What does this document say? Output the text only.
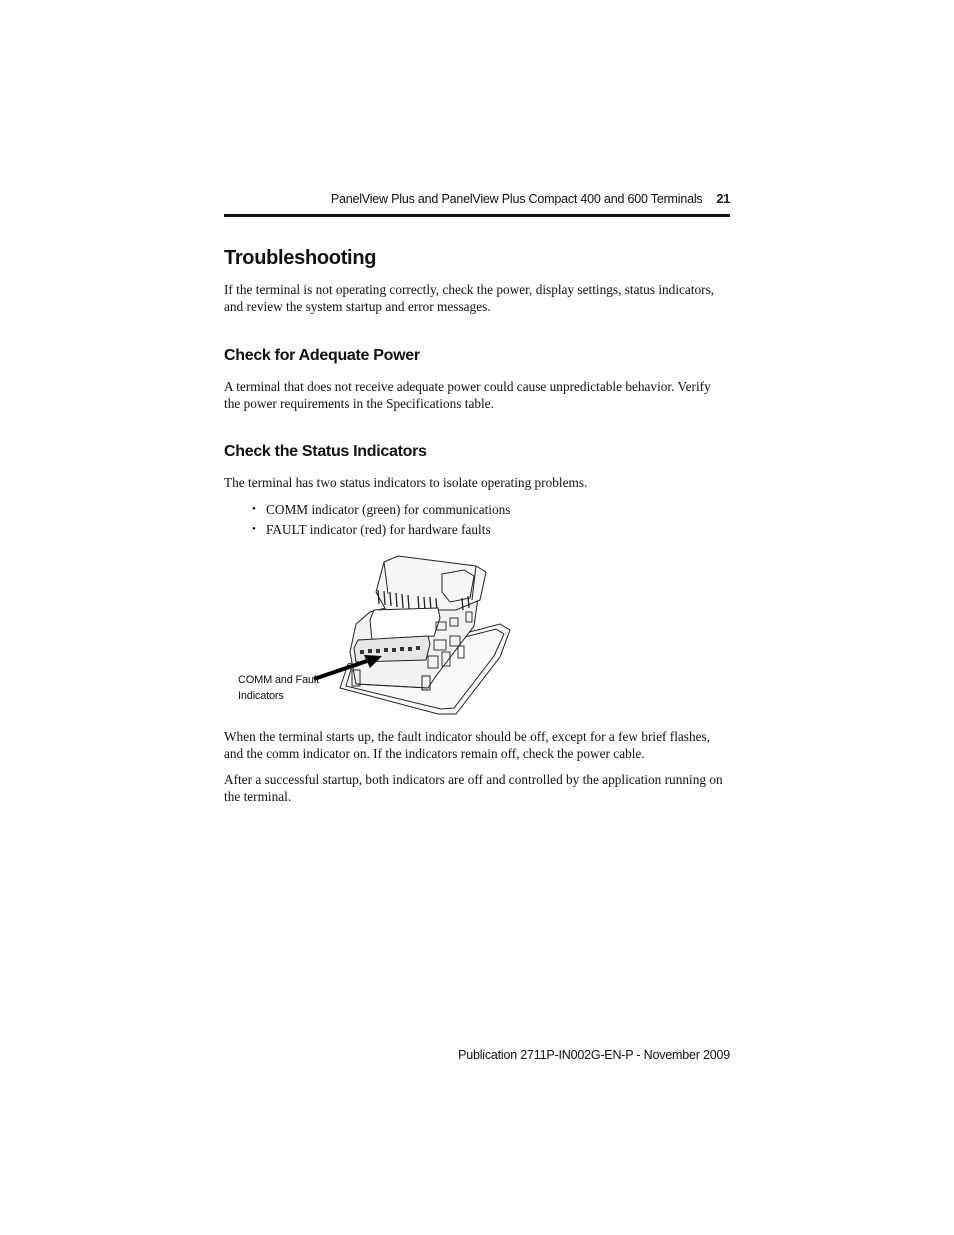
PanelView Plus and PanelView Plus Compact 400 and 600 Terminals 21
Troubleshooting

If the terminal is not operating correctly, check the power, display settings, status indicators, and review the system startup and error messages.

Check for Adequate Power

A terminal that does not receive adequate power could cause unpredictable behavior. Verify the power requirements in the Specifications table.

Check the Status Indicators

The terminal has two status indicators to isolate operating problems.

• COMM indicator (green) for communications
• FAULT indicator (red) for hardware faults
COMM and Fault
Indicators

When the terminal starts up, the fault indicator should be off, except for a few brief flashes, and the comm indicator on. If the indicators remain off, check the power cable.

After a successful startup, both indicators are off and controlled by the application running on the terminal.

Publication 2711P-IN002G-EN-P - November 2009
